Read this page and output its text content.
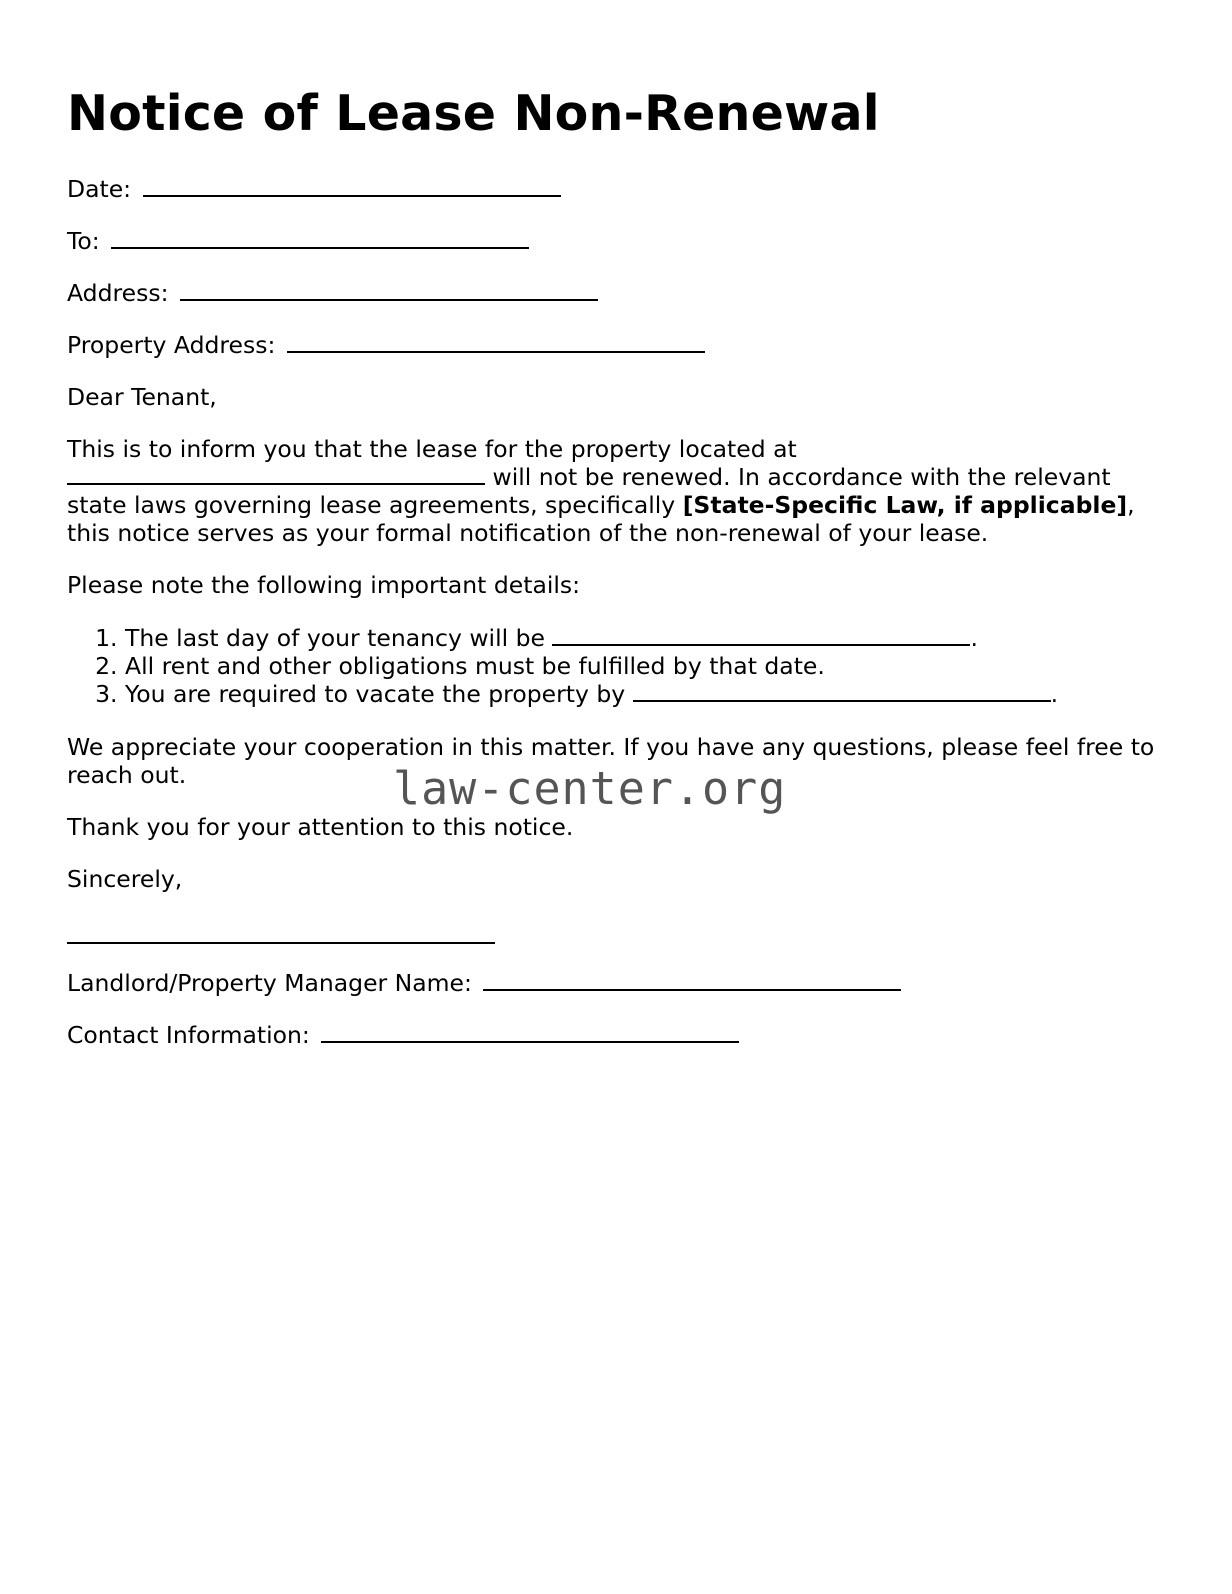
Notice of Lease Non-Renewal
Date:
To:
Address:
Property Address:
Dear Tenant,
This is to inform you that the lease for the property located at
will not be renewed. In accordance with the relevant state laws governing lease agreements, specifically [State-Specific Law, if applicable], this notice serves as your formal notification of the non-renewal of your lease.
Please note the following important details:
1. The last day of your tenancy will be	.
2. All rent and other obligations must be fulfilled by that date.
3. You are required to vacate the property by	.
We appreciate your cooperation in this matter. If you have any questions, please feel free to reach out.
Thank you for your attention to this notice.
Sincerely,
Landlord/Property Manager Name:
Contact Information:
law-center.org
